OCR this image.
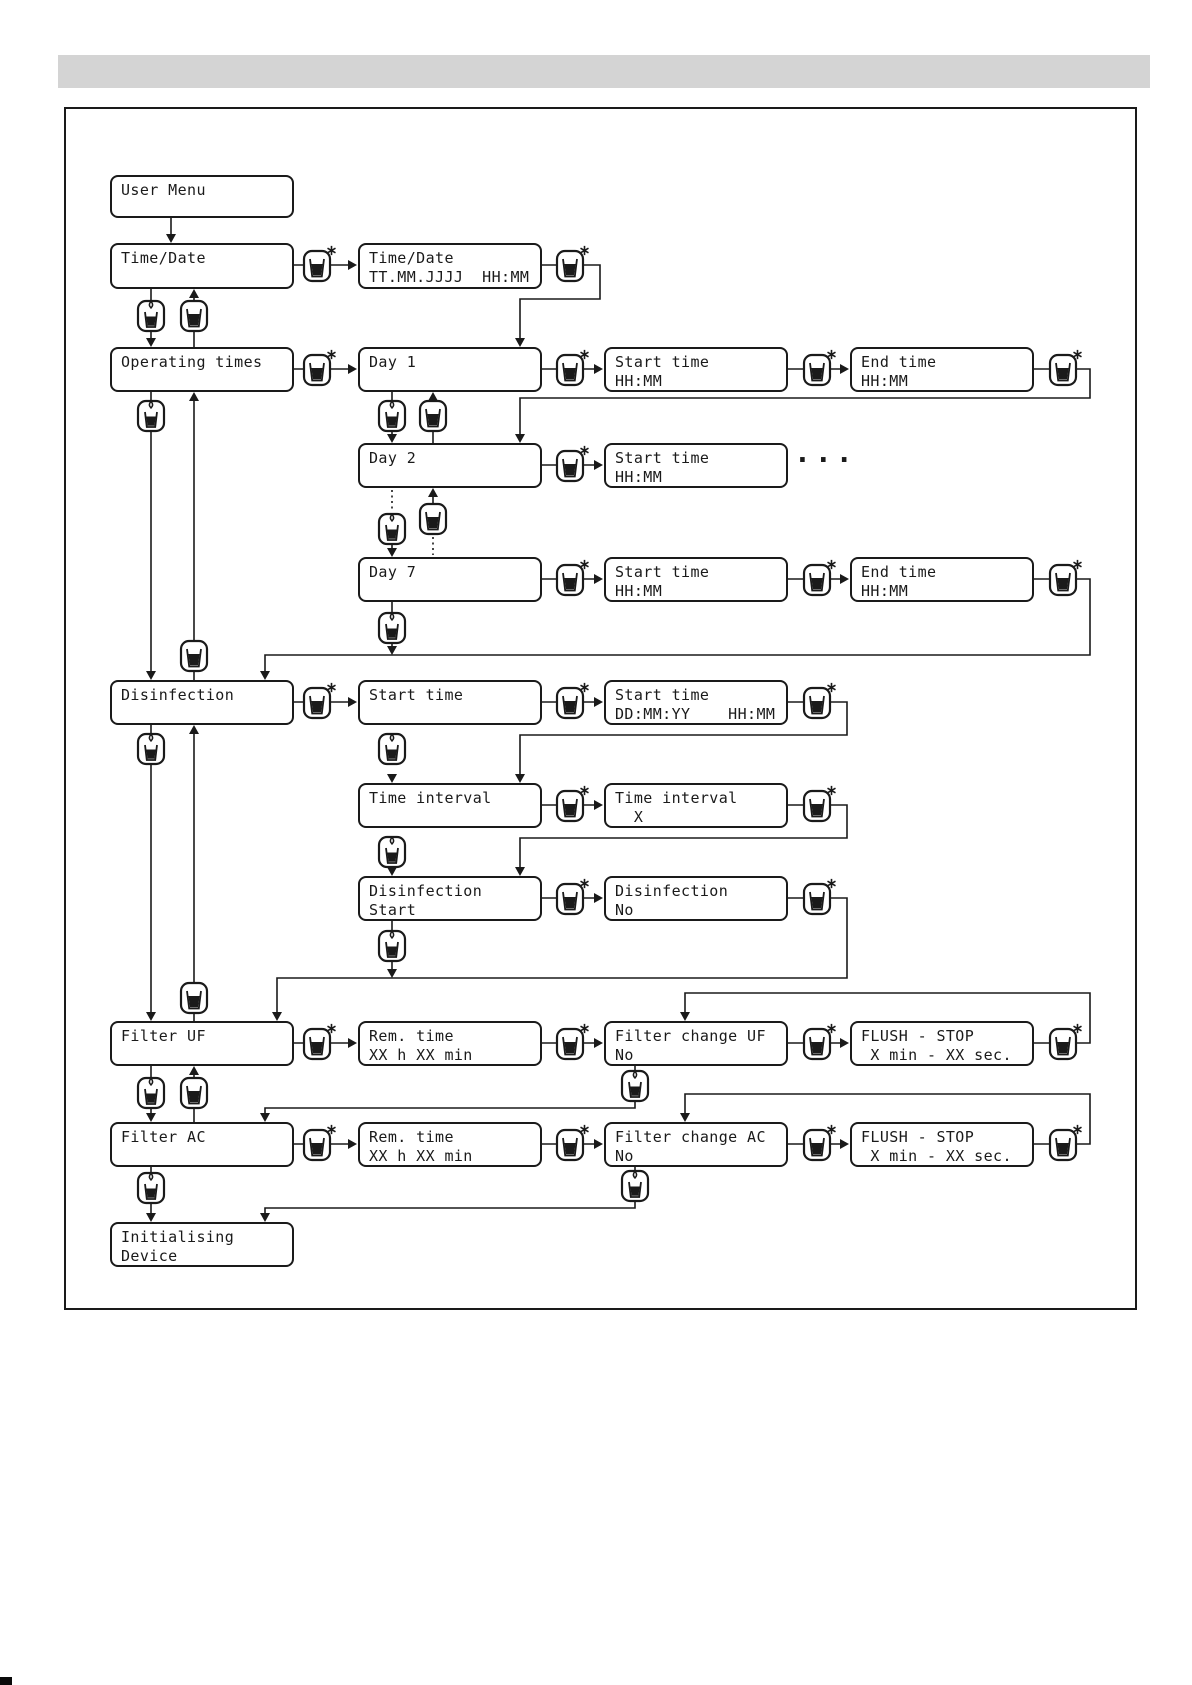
User Menu
Time/Date	Time/Date
TT.MM.JJJJ  HH:MM
Operating times	Day 1	Start time
HH:MM
End time
HH:MM
Day 2	Start time
HH:MM
Day 7	Start time
HH:MM
End time
HH:MM
Disinfection	Start time	Start time
DD:MM:YY    HH:MM
Time interval	Time interval
X
Disinfection
Start
Disinfection
No
Filter UF	Rem. time
XX h XX min
Filter change UF
No
FLUSH - STOP
X min - XX sec.
Filter AC	Rem. time
XX h XX min
Filter change AC
No
FLUSH - STOP
X min - XX sec.
Initialising
Device
...
